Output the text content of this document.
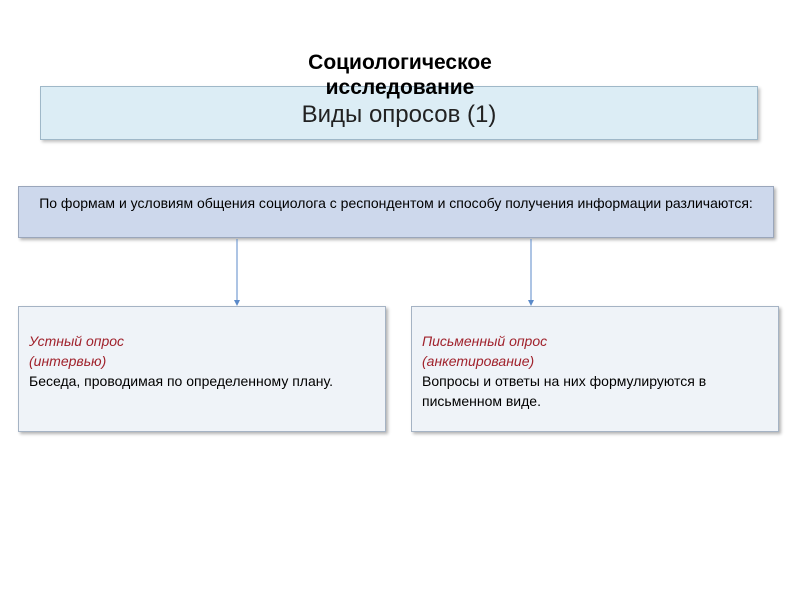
Социологическое исследование
Виды опросов (1)
По формам и условиям общения социолога с респондентом и способу получения информации различаются:
Устный опрос
(интервью)
Беседа, проводимая по определенному плану.
Письменный опрос
(анкетирование)
Вопросы и ответы на них формулируются в письменном виде.
